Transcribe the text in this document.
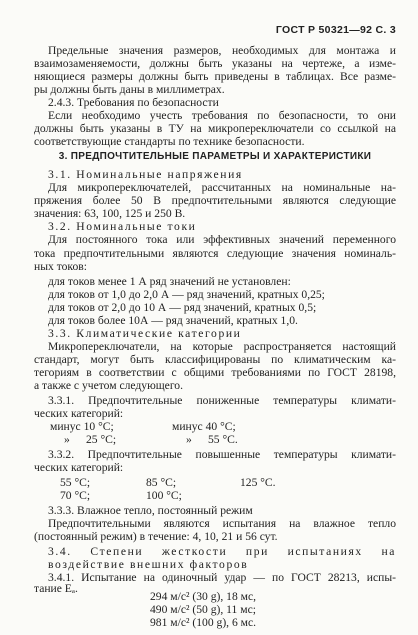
ГОСТ Р 50321—92 С. 3
Предельные значения размеров, необходимых для монтажа и
взаимозаменяемости, должны быть указаны на чертеже, а изме-
няющиеся размеры должны быть приведены в таблицах. Все разме-
ры должны быть даны в миллиметрах.
2.4.3. Требования по безопасности
Если необходимо учесть требования по безопасности, то они
должны быть указаны в ТУ на микропереключатели со ссылкой на
соответствующие стандарты по технике безопасности.
3. ПРЕДПОЧТИТЕЛЬНЫЕ ПАРАМЕТРЫ И ХАРАКТЕРИСТИКИ
3.1. Номинальные напряжения
Для микропереключателей, рассчитанных на номинальные на-
пряжения более 50 В предпочтительными являются следующие
значения: 63, 100, 125 и 250 В.
3.2. Номинальные токи
Для постоянного тока или эффективных значений переменного
тока предпочтительными являются следующие значения номиналь-
ных токов:
для токов менее 1 А ряд значений не установлен:
для токов от 1,0 до 2,0 А — ряд значений, кратных 0,25;
для токов от 2,0 до 10 А — ряд значений, кратных 0,5;
для токов более 10А — ряд значений, кратных 1,0.
3.3. Климатические категории
Микропереключатели, на которые распространяется настоящий
стандарт, могут быть классифицированы по климатическим ка-
тегориям в соответствии с общими требованиями по ГОСТ 28198,
а также с учетом следующего.
3.3.1. Предпочтительные пониженные температуры климати-
ческих категорий:
минус 10 °С;	минус 40 °С;
» 25 °С;	» 55 °С.
3.3.2. Предпочтительные повышенные температуры климати-
ческих категорий:
55 °С;	85 °С;	125 °С.
70 °С;	100 °С;
3.3.3. Влажное тепло, постоянный режим
Предпочтительными являются испытания на влажное тепло
(постоянный режим) в течение: 4, 10, 21 и 56 сут.
3.4. Степени жесткости при испытаниях на
воздействие внешних факторов
3.4.1. Испытание на одиночный удар — по ГОСТ 28213, испы-
тание Eₐ.
294 м/с² (30 g), 18 мс,
490 м/с² (50 g), 11 мс;
981 м/с² (100 g), 6 мс.
